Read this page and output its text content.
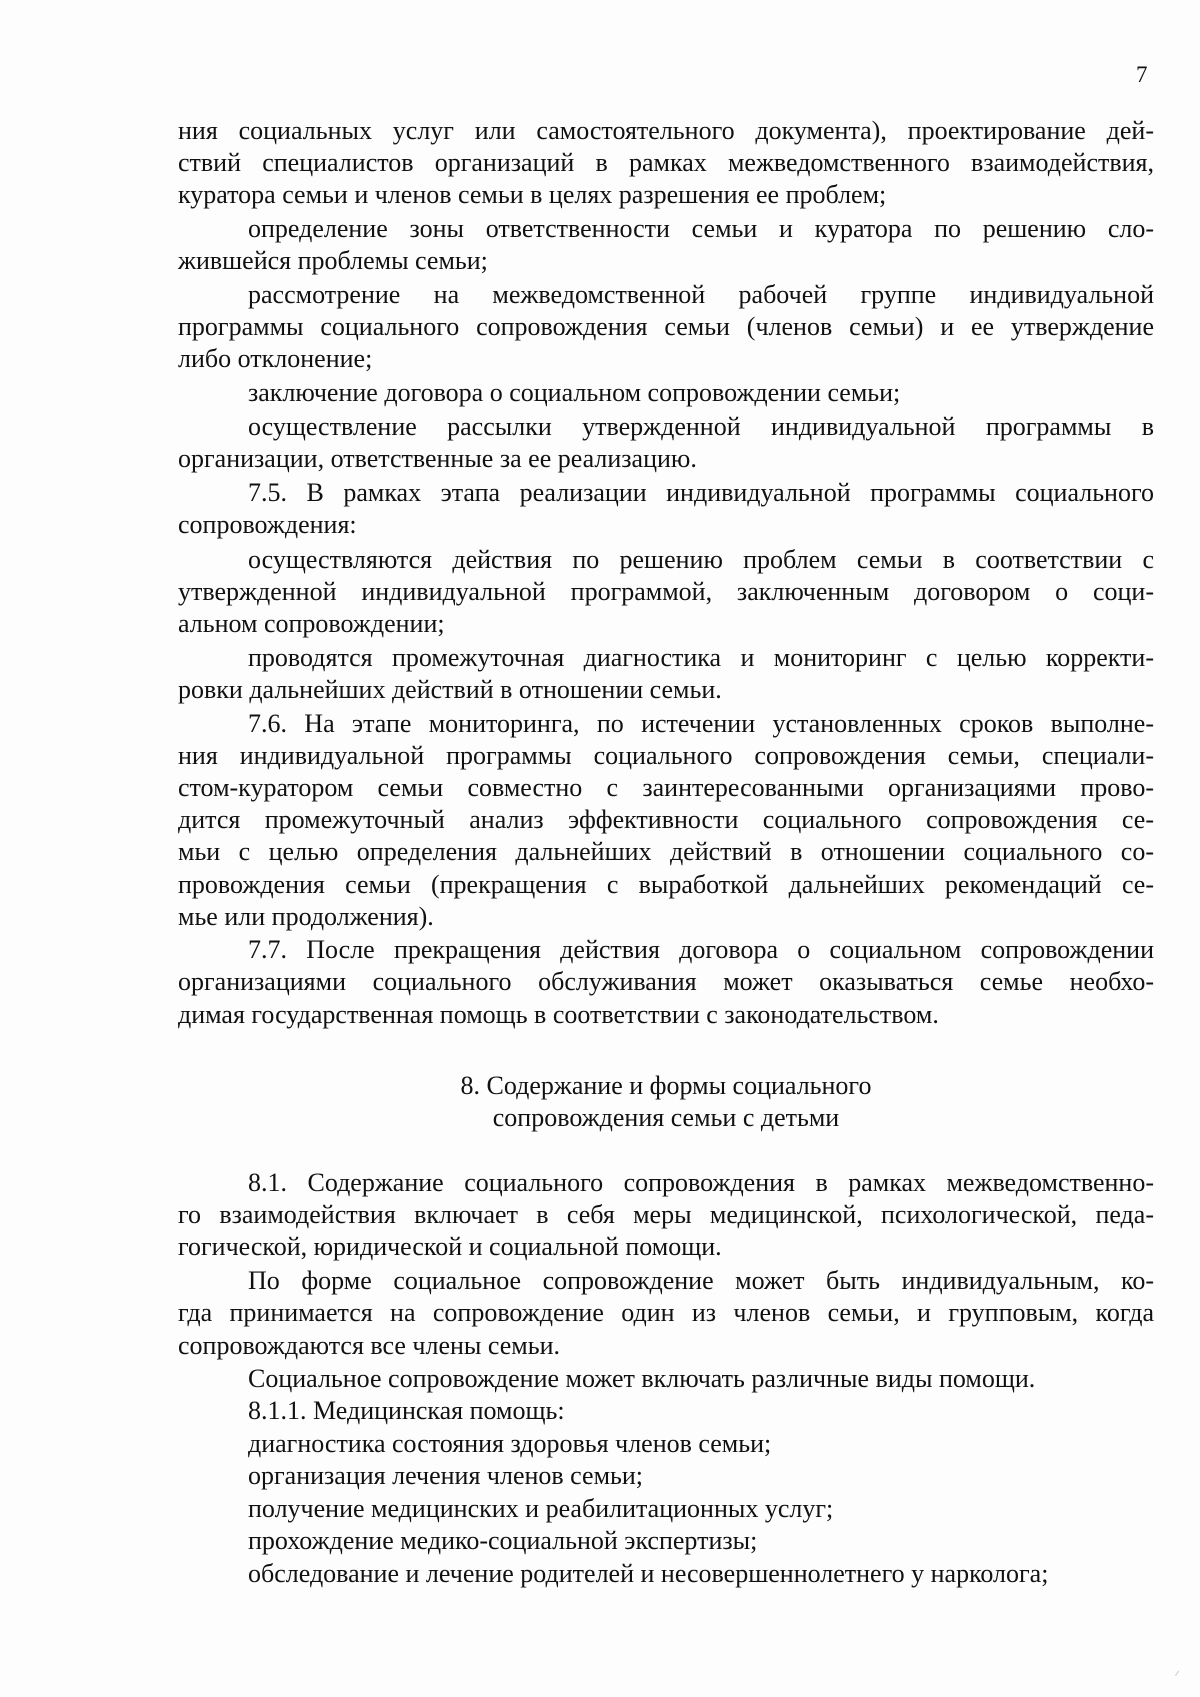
7
ния социальных услуг или самостоятельного документа), проектирование дей-
ствий специалистов организаций в рамках межведомственного взаимодействия,
куратора семьи и членов семьи в целях разрешения ее проблем;
определение зоны ответственности семьи и куратора по решению сло-
жившейся проблемы семьи;
рассмотрение на межведомственной рабочей группе индивидуальной
программы социального сопровождения семьи (членов семьи) и ее утверждение
либо отклонение;
заключение договора о социальном сопровождении семьи;
осуществление рассылки утвержденной индивидуальной программы в
организации, ответственные за ее реализацию.
7.5. В рамках этапа реализации индивидуальной программы социального
сопровождения:
осуществляются действия по решению проблем семьи в соответствии с
утвержденной индивидуальной программой, заключенным договором о соци-
альном сопровождении;
проводятся промежуточная диагностика и мониторинг с целью корректи-
ровки дальнейших действий в отношении семьи.
7.6. На этапе мониторинга, по истечении установленных сроков выполне-
ния индивидуальной программы социального сопровождения семьи, специали-
стом-куратором семьи совместно с заинтересованными организациями прово-
дится промежуточный анализ эффективности социального сопровождения се-
мьи с целью определения дальнейших действий в отношении социального со-
провождения семьи (прекращения с выработкой дальнейших рекомендаций се-
мье или продолжения).
7.7. После прекращения действия договора о социальном сопровождении
организациями социального обслуживания может оказываться семье необхо-
димая государственная помощь в соответствии с законодательством.
8. Содержание и формы социального
сопровождения семьи с детьми
8.1. Содержание социального сопровождения в рамках межведомственно-
го взаимодействия включает в себя меры медицинской, психологической, педа-
гогической, юридической и социальной помощи.
По форме социальное сопровождение может быть индивидуальным, ко-
гда принимается на сопровождение один из членов семьи, и групповым, когда
сопровождаются все члены семьи.
Социальное сопровождение может включать различные виды помощи.
8.1.1. Медицинская помощь:
диагностика состояния здоровья членов семьи;
организация лечения членов семьи;
получение медицинских и реабилитационных услуг;
прохождение медико-социальной экспертизы;
обследование и лечение родителей и несовершеннолетнего у нарколога;
